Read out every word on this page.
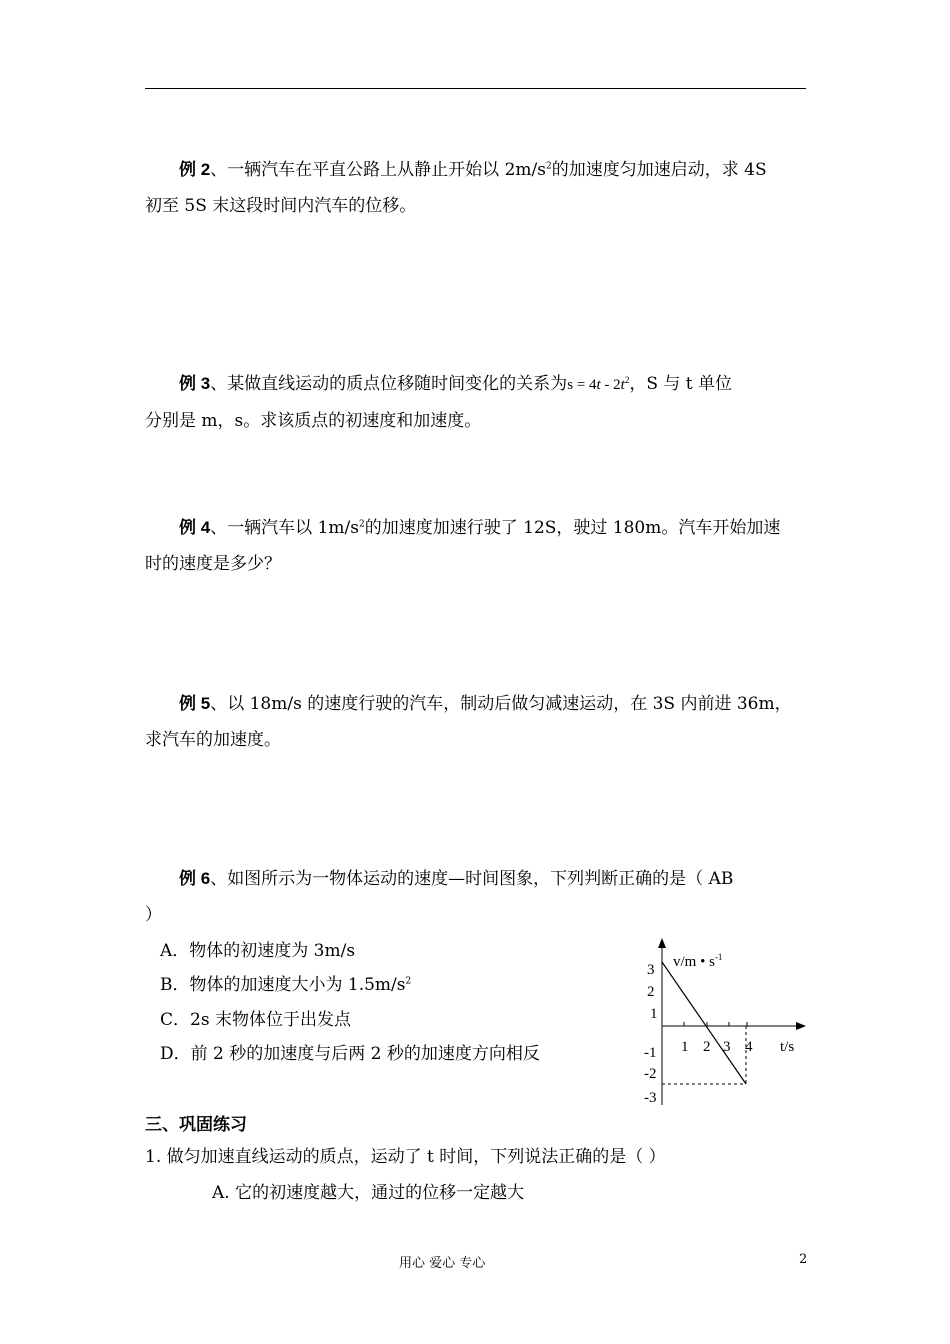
例 2、一辆汽车在平直公路上从静止开始以 $2m/s^2$的加速度匀加速启动，求 4S
初至 5S 末这段时间内汽车的位移。
例 3、某做直线运动的质点位移随时间变化的关系为$s = 4t - 2t^2$，S 与 t 单位
分别是 m，s。求该质点的初速度和加速度。
例 4、一辆汽车以 $1m/s^2$的加速度加速行驶了 12S，驶过 180m。汽车开始加速
时的速度是多少？
例 5、以 18m/s 的速度行驶的汽车，制动后做匀减速运动，在 3S 内前进 36m，
求汽车的加速度。
例 6、如图所示为一物体运动的速度—时间图象，下列判断正确的是（ AB
）
A．物体的初速度为 3m/s
B．物体的加速度大小为 $1.5m/s^2$
C．2s 末物体位于出发点
D．前 2 秒的加速度与后两 2 秒的加速度方向相反
v/m • $s^{-1}$
t/s
3
2
1
-1
-2
-3
1 2 3 4
三、巩固练习
1. 做匀加速直线运动的质点，运动了 t 时间，下列说法正确的是（ ）
A. 它的初速度越大，通过的位移一定越大
用心 爱心 专心	2
